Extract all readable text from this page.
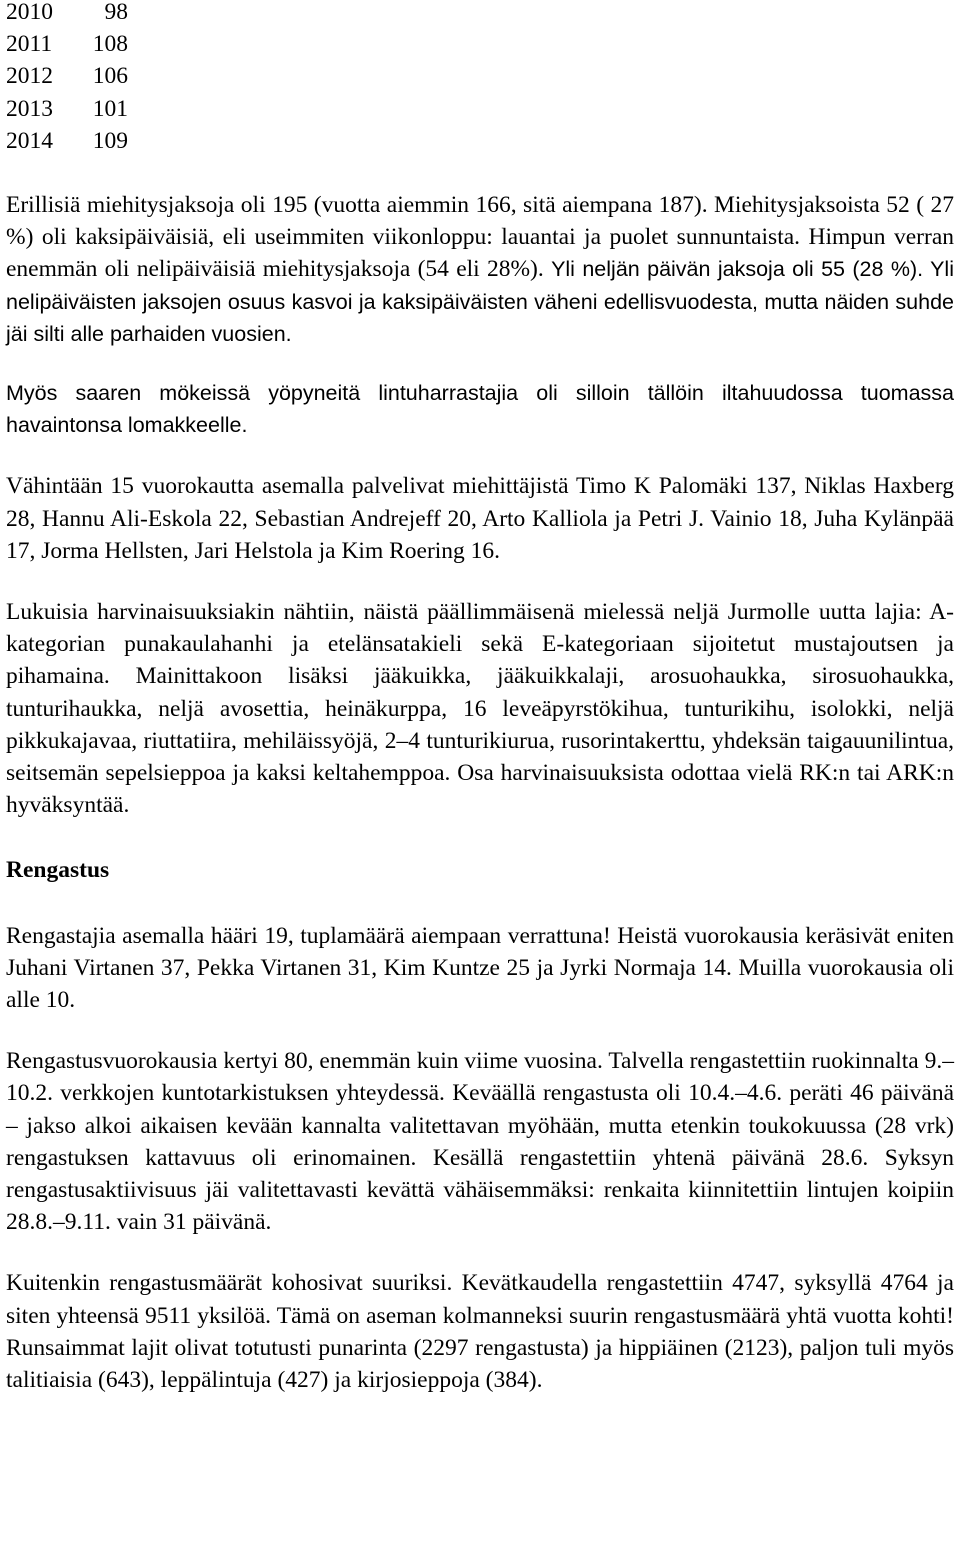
2010	98
2011	108
2012	106
2013	101
2014	109

Erillisiä miehitysjaksoja oli 195 (vuotta aiemmin 166, sitä aiempana 187). Miehitysjaksoista 52 ( 27 %) oli kaksipäiväisiä, eli useimmiten viikonloppu: lauantai ja puolet sunnuntaista. Himpun verran enemmän oli nelipäiväisiä miehitysjaksoja (54 eli 28%). Yli neljän päivän jaksoja oli 55 (28 %). Yli nelipäiväisten jaksojen osuus kasvoi ja kaksipäiväisten väheni edellisvuodesta, mutta näiden suhde jäi silti alle parhaiden vuosien.

Myös saaren mökeissä yöpyneitä lintuharrastajia oli silloin tällöin iltahuudossa tuomassa havaintonsa lomakkeelle.

Vähintään 15 vuorokautta asemalla palvelivat miehittäjistä Timo K Palomäki 137, Niklas Haxberg 28, Hannu Ali-Eskola 22, Sebastian Andrejeff 20, Arto Kalliola ja Petri J. Vainio 18, Juha Kylänpää 17, Jorma Hellsten, Jari Helstola ja Kim Roering 16.

Lukuisia harvinaisuuksiakin nähtiin, näistä päällimmäisenä mielessä neljä Jurmolle uutta lajia: A-kategorian punakaulahanhi ja etelänsatakieli sekä E-kategoriaan sijoitetut mustajoutsen ja pihamaina. Mainittakoon lisäksi jääkuikka, jääkuikkalaji, arosuohaukka, sirosuohaukka, tunturihaukka, neljä avosettia, heinäkurppa, 16 leveäpyrstökihua, tunturikihu, isolokki, neljä pikkukajavaa, riuttatiira, mehiläissyöjä, 2–4 tunturikiurua, rusorintakerttu, yhdeksän taigauunilintua, seitsemän sepelsieppoa ja kaksi keltahemppoa. Osa harvinaisuuksista odottaa vielä RK:n tai ARK:n hyväksyntää.

Rengastus

Rengastajia asemalla hääri 19, tuplamäärä aiempaan verrattuna! Heistä vuorokausia keräsivät eniten Juhani Virtanen 37, Pekka Virtanen 31, Kim Kuntze 25 ja Jyrki Normaja 14. Muilla vuorokausia oli alle 10.

Rengastusvuorokausia kertyi 80, enemmän kuin viime vuosina. Talvella rengastettiin ruokinnalta 9.–10.2. verkkojen kuntotarkistuksen yhteydessä. Keväällä rengastusta oli 10.4.–4.6. peräti 46 päivänä – jakso alkoi aikaisen kevään kannalta valitettavan myöhään, mutta etenkin toukokuussa (28 vrk) rengastuksen kattavuus oli erinomainen. Kesällä rengastettiin yhtenä päivänä 28.6. Syksyn rengastusaktiivisuus jäi valitettavasti kevättä vähäisemmäksi: renkaita kiinnitettiin lintujen koipiin 28.8.–9.11. vain 31 päivänä.

Kuitenkin rengastusmäärät kohosivat suuriksi. Kevätkaudella rengastettiin 4747, syksyllä 4764 ja siten yhteensä 9511 yksilöä. Tämä on aseman kolmanneksi suurin rengastusmäärä yhtä vuotta kohti! Runsaimmat lajit olivat totutusti punarinta (2297 rengastusta) ja hippiäinen (2123), paljon tuli myös talitiaisia (643), leppälintuja (427) ja kirjosieppoja (384).
